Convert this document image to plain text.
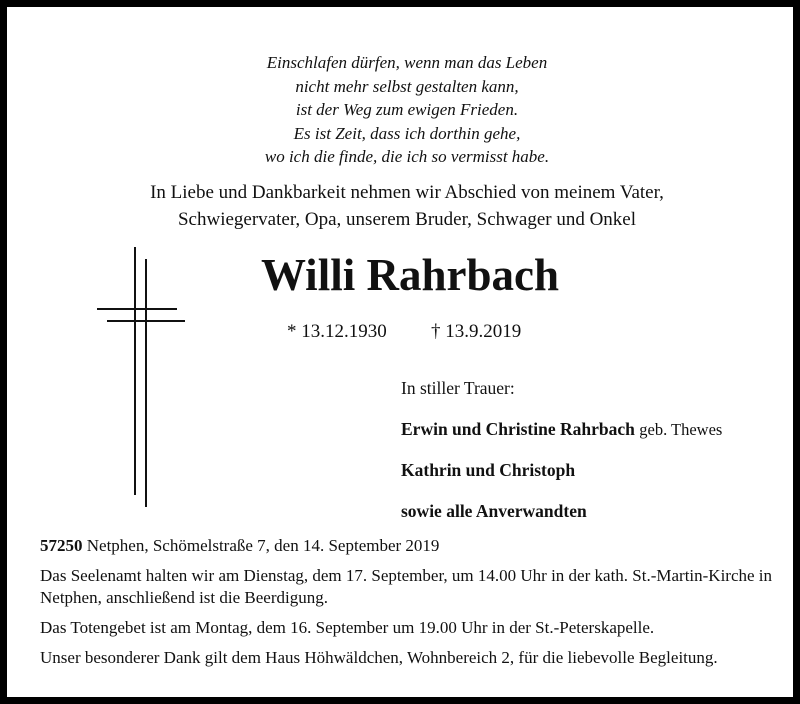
Einschlafen dürfen, wenn man das Leben
nicht mehr selbst gestalten kann,
ist der Weg zum ewigen Frieden.
Es ist Zeit, dass ich dorthin gehe,
wo ich die finde, die ich so vermisst habe.
In Liebe und Dankbarkeit nehmen wir Abschied von meinem Vater,
Schwiegervater, Opa, unserem Bruder, Schwager und Onkel
Willi Rahrbach
* 13.12.1930 † 13.9.2019
In stiller Trauer:
Erwin und Christine Rahrbach geb. Thewes
Kathrin und Christoph
sowie alle Anverwandten

57250 Netphen, Schömelstraße 7, den 14. September 2019

Das Seelenamt halten wir am Dienstag, dem 17. September, um 14.00 Uhr in der kath. St.-Martin-Kirche in Netphen, anschließend ist die Beerdigung.

Das Totengebet ist am Montag, dem 16. September um 19.00 Uhr in der St.-Peterskapelle.

Unser besonderer Dank gilt dem Haus Höhwäldchen, Wohnbereich 2, für die liebevolle Begleitung.
